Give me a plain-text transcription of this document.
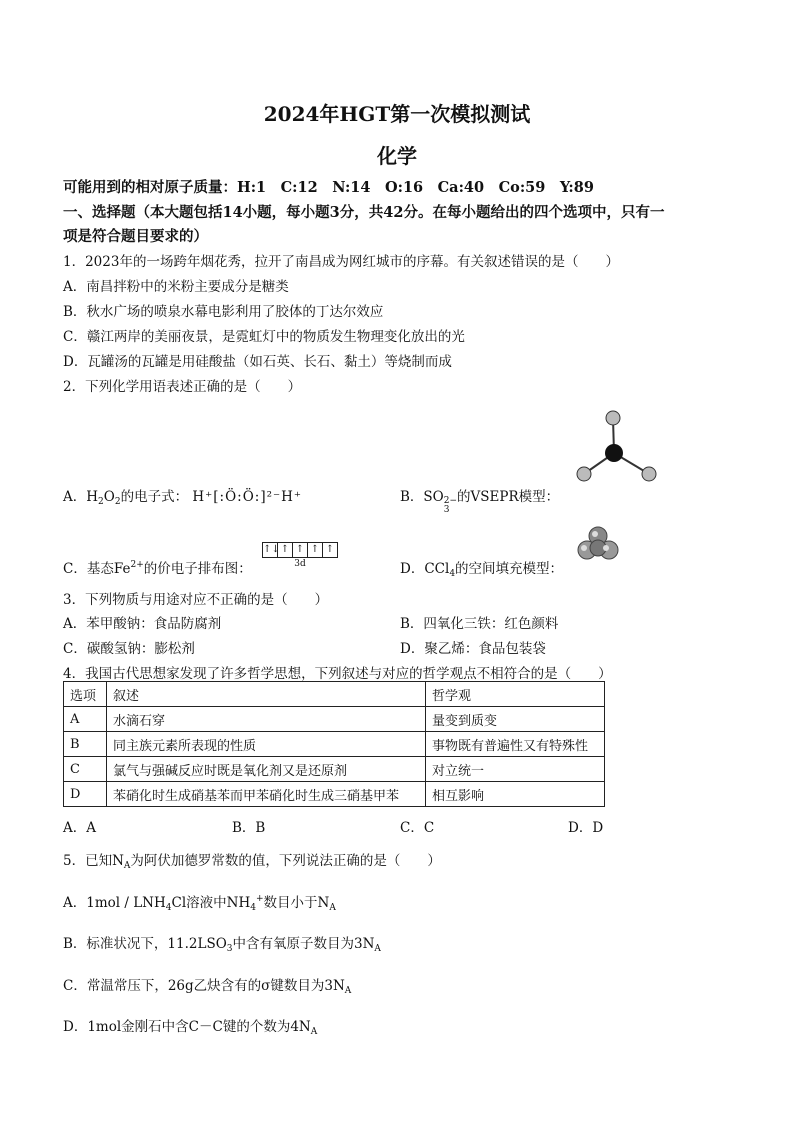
2024年HGT第一次模拟测试
化学
可能用到的相对原子质量：H:1　C:12　N:14　O:16　Ca:40　Co:59　Y:89
一、选择题（本大题包括14小题，每小题3分，共42分。在每小题给出的四个选项中，只有一
项是符合题目要求的）
1．2023年的一场跨年烟花秀，拉开了南昌成为网红城市的序幕。有关叙述错误的是（　　）
A．南昌拌粉中的米粉主要成分是糖类
B．秋水广场的喷泉水幕电影利用了胶体的丁达尔效应
C．赣江两岸的美丽夜景，是霓虹灯中的物质发生物理变化放出的光
D．瓦罐汤的瓦罐是用硅酸盐（如石英、长石、黏土）等烧制而成
2．下列化学用语表述正确的是（　　）
A．$H_2O_2$的电子式： H⁺[:Ö:Ö:]²⁻H⁺	B．SO 2−
3
的VSEPR模型：
C．基态$Fe^{2+}$的价电子排布图：
↑↓ ↑ ↑ ↑ ↑
3d	D．CCl$_4$的空间填充模型：
3．下列物质与用途对应不正确的是（　　）
A．苯甲酸钠：食品防腐剂	B．四氧化三铁：红色颜料
C．碳酸氢钠：膨松剂	D．聚乙烯：食品包装袋
4．我国古代思想家发现了许多哲学思想，下列叙述与对应的哲学观点不相符合的是（　　）
选项	叙述	哲学观
A	水滴石穿	量变到质变
B	同主族元素所表现的性质	事物既有普遍性又有特殊性
C	氯气与强碱反应时既是氧化剂又是还原剂	对立统一
D	苯硝化时生成硝基苯而甲苯硝化时生成三硝基甲苯	相互影响
A．A	B．B	C．C	D．D
5．已知$N_A$为阿伏加德罗常数的值，下列说法正确的是（　　）
A．$1mol / LNH_4Cl$溶液中$NH_4^+$数目小于$N_A$
B．标准状况下，$11.2LSO_3$中含有氧原子数目为$3N_A$
C．常温常压下，26g乙炔含有的σ键数目为$3N_A$
D．1mol金刚石中含C－C键的个数为$4N_A$
